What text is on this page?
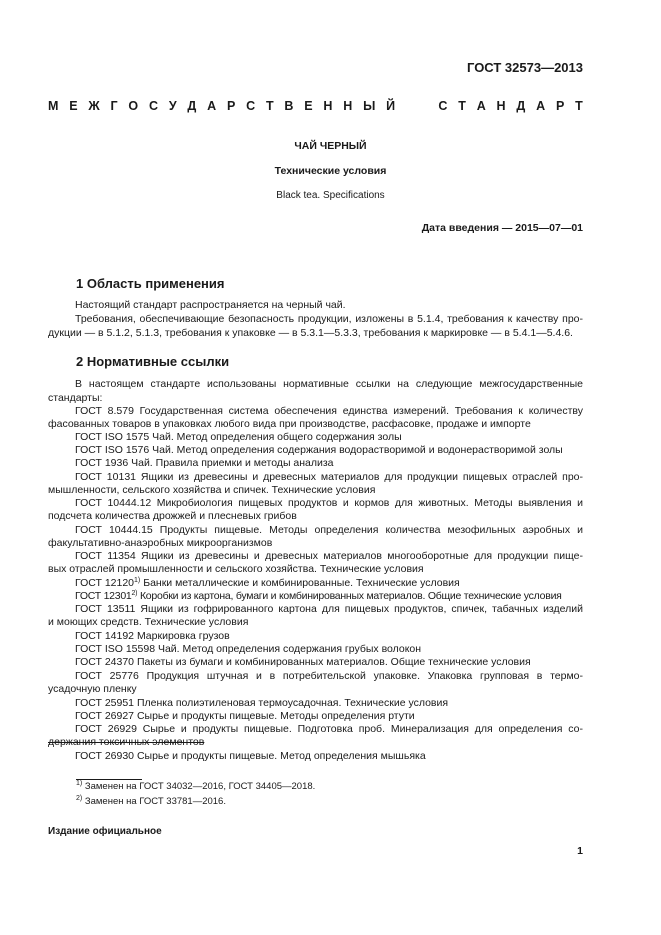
ГОСТ 32573—2013
М Е Ж Г О С У Д А Р С Т В Е Н Н Ы Й	С Т А Н Д А Р Т
ЧАЙ ЧЕРНЫЙ
Технические условия
Black tea. Specifications
Дата введения — 2015—07—01
1 Область применения
Настоящий стандарт распространяется на черный чай.
Требования, обеспечивающие безопасность продукции, изложены в 5.1.4, требования к качеству про-
дукции — в 5.1.2, 5.1.3, требования к упаковке — в 5.3.1—5.3.3, требования к маркировке — в 5.4.1—5.4.6.
2 Нормативные ссылки
В настоящем стандарте использованы нормативные ссылки на следующие межгосударственные
стандарты:
ГОСТ 8.579 Государственная система обеспечения единства измерений. Требования к количеству
фасованных товаров в упаковках любого вида при производстве, расфасовке, продаже и импорте
ГОСТ ISO 1575 Чай. Метод определения общего содержания золы
ГОСТ ISO 1576 Чай. Метод определения содержания водорастворимой и водонерастворимой золы
ГОСТ 1936 Чай. Правила приемки и методы анализа
ГОСТ 10131 Ящики из древесины и древесных материалов для продукции пищевых отраслей про-
мышленности, сельского хозяйства и спичек. Технические условия
ГОСТ 10444.12 Микробиология пищевых продуктов и кормов для животных. Методы выявления и
подсчета количества дрожжей и плесневых грибов
ГОСТ 10444.15 Продукты пищевые. Методы определения количества мезофильных аэробных и
факультативно-анаэробных микроорганизмов
ГОСТ 11354 Ящики из древесины и древесных материалов многооборотные для продукции пище-
вых отраслей промышленности и сельского хозяйства. Технические условия
ГОСТ 12120$^{1)}$ Банки металлические и комбинированные. Технические условия
ГОСТ 12301$^{2)}$ Коробки из картона, бумаги и комбинированных материалов. Общие технические условия
ГОСТ 13511 Ящики из гофрированного картона для пищевых продуктов, спичек, табачных изделий
и моющих средств. Технические условия
ГОСТ 14192 Маркировка грузов
ГОСТ ISO 15598 Чай. Метод определения содержания грубых волокон
ГОСТ 24370 Пакеты из бумаги и комбинированных материалов. Общие технические условия
ГОСТ 25776 Продукция штучная и в потребительской упаковке. Упаковка групповая в термо-
усадочную пленку
ГОСТ 25951 Пленка полиэтиленовая термоусадочная. Технические условия
ГОСТ 26927 Сырье и продукты пищевые. Методы определения ртути
ГОСТ 26929 Сырье и продукты пищевые. Подготовка проб. Минерализация для определения со-
держания токсичных элементов
ГОСТ 26930 Сырье и продукты пищевые. Метод определения мышьяка
$^{1)}$ Заменен на ГОСТ 34032—2016, ГОСТ 34405—2018.
$^{2)}$ Заменен на ГОСТ 33781—2016.
Издание официальное
1
